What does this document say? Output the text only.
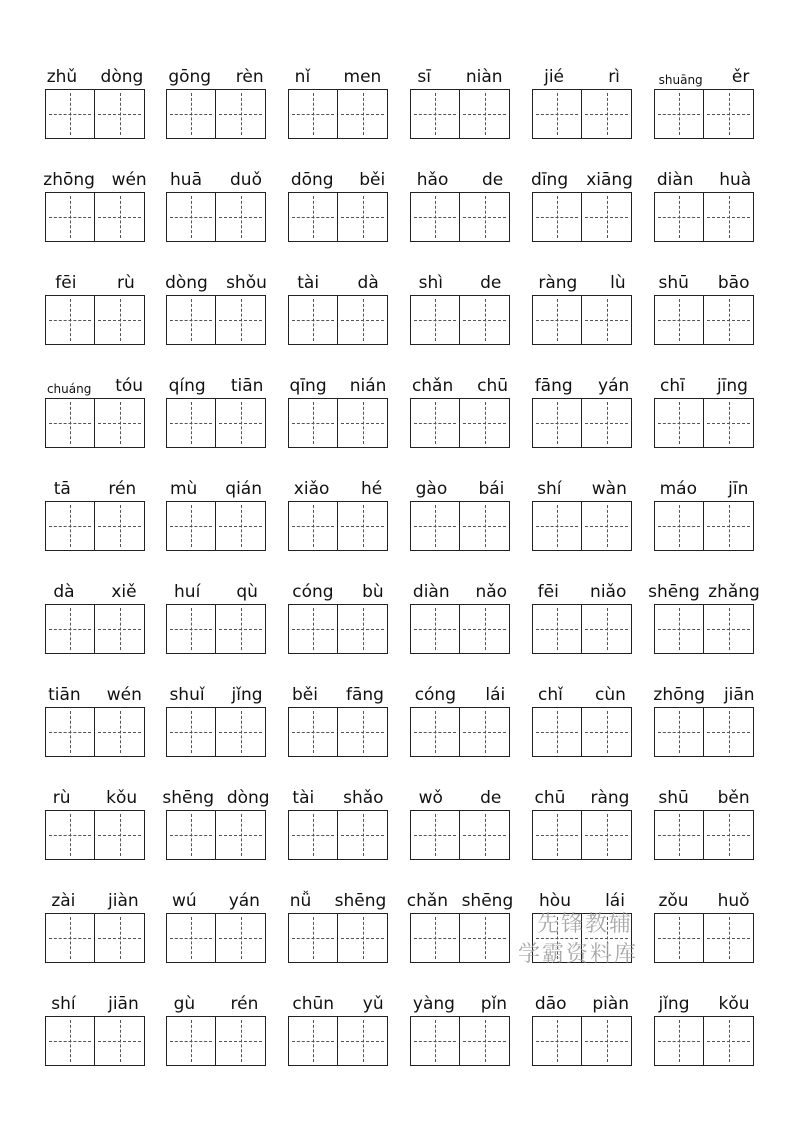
zhǔ dòng gōng rèn nǐ men sī niàn jié	rì	shuāng ěr
zhōng wén huā duǒ dōng běi hǎo de dīng xiāng diàn huà
fēi rù dòng shǒu tài dà shì de ràng lù shū bāo
chuáng tóu qíng tiān qīng nián chǎn chū fāng yán chī jīng
tā rén mù qián xiǎo hé gào bái shí wàn máo jīn
dà xiě huí qù cóng bù diàn nǎo fēi niǎo shēng zhǎng
tiān wén shuǐ jǐng běi fāng cóng lái chǐ cùn zhōng jiān
rù kǒu shēng dòng tài shǎo wǒ de chū ràng shū běn
zài jiàn wú yán nǚ shēng chǎn shēng hòu lái zǒu huǒ
shí jiān gù rén chūn yǔ yàng pǐn dāo piàn jǐng kǒu
先锋教辅
学霸资料库
